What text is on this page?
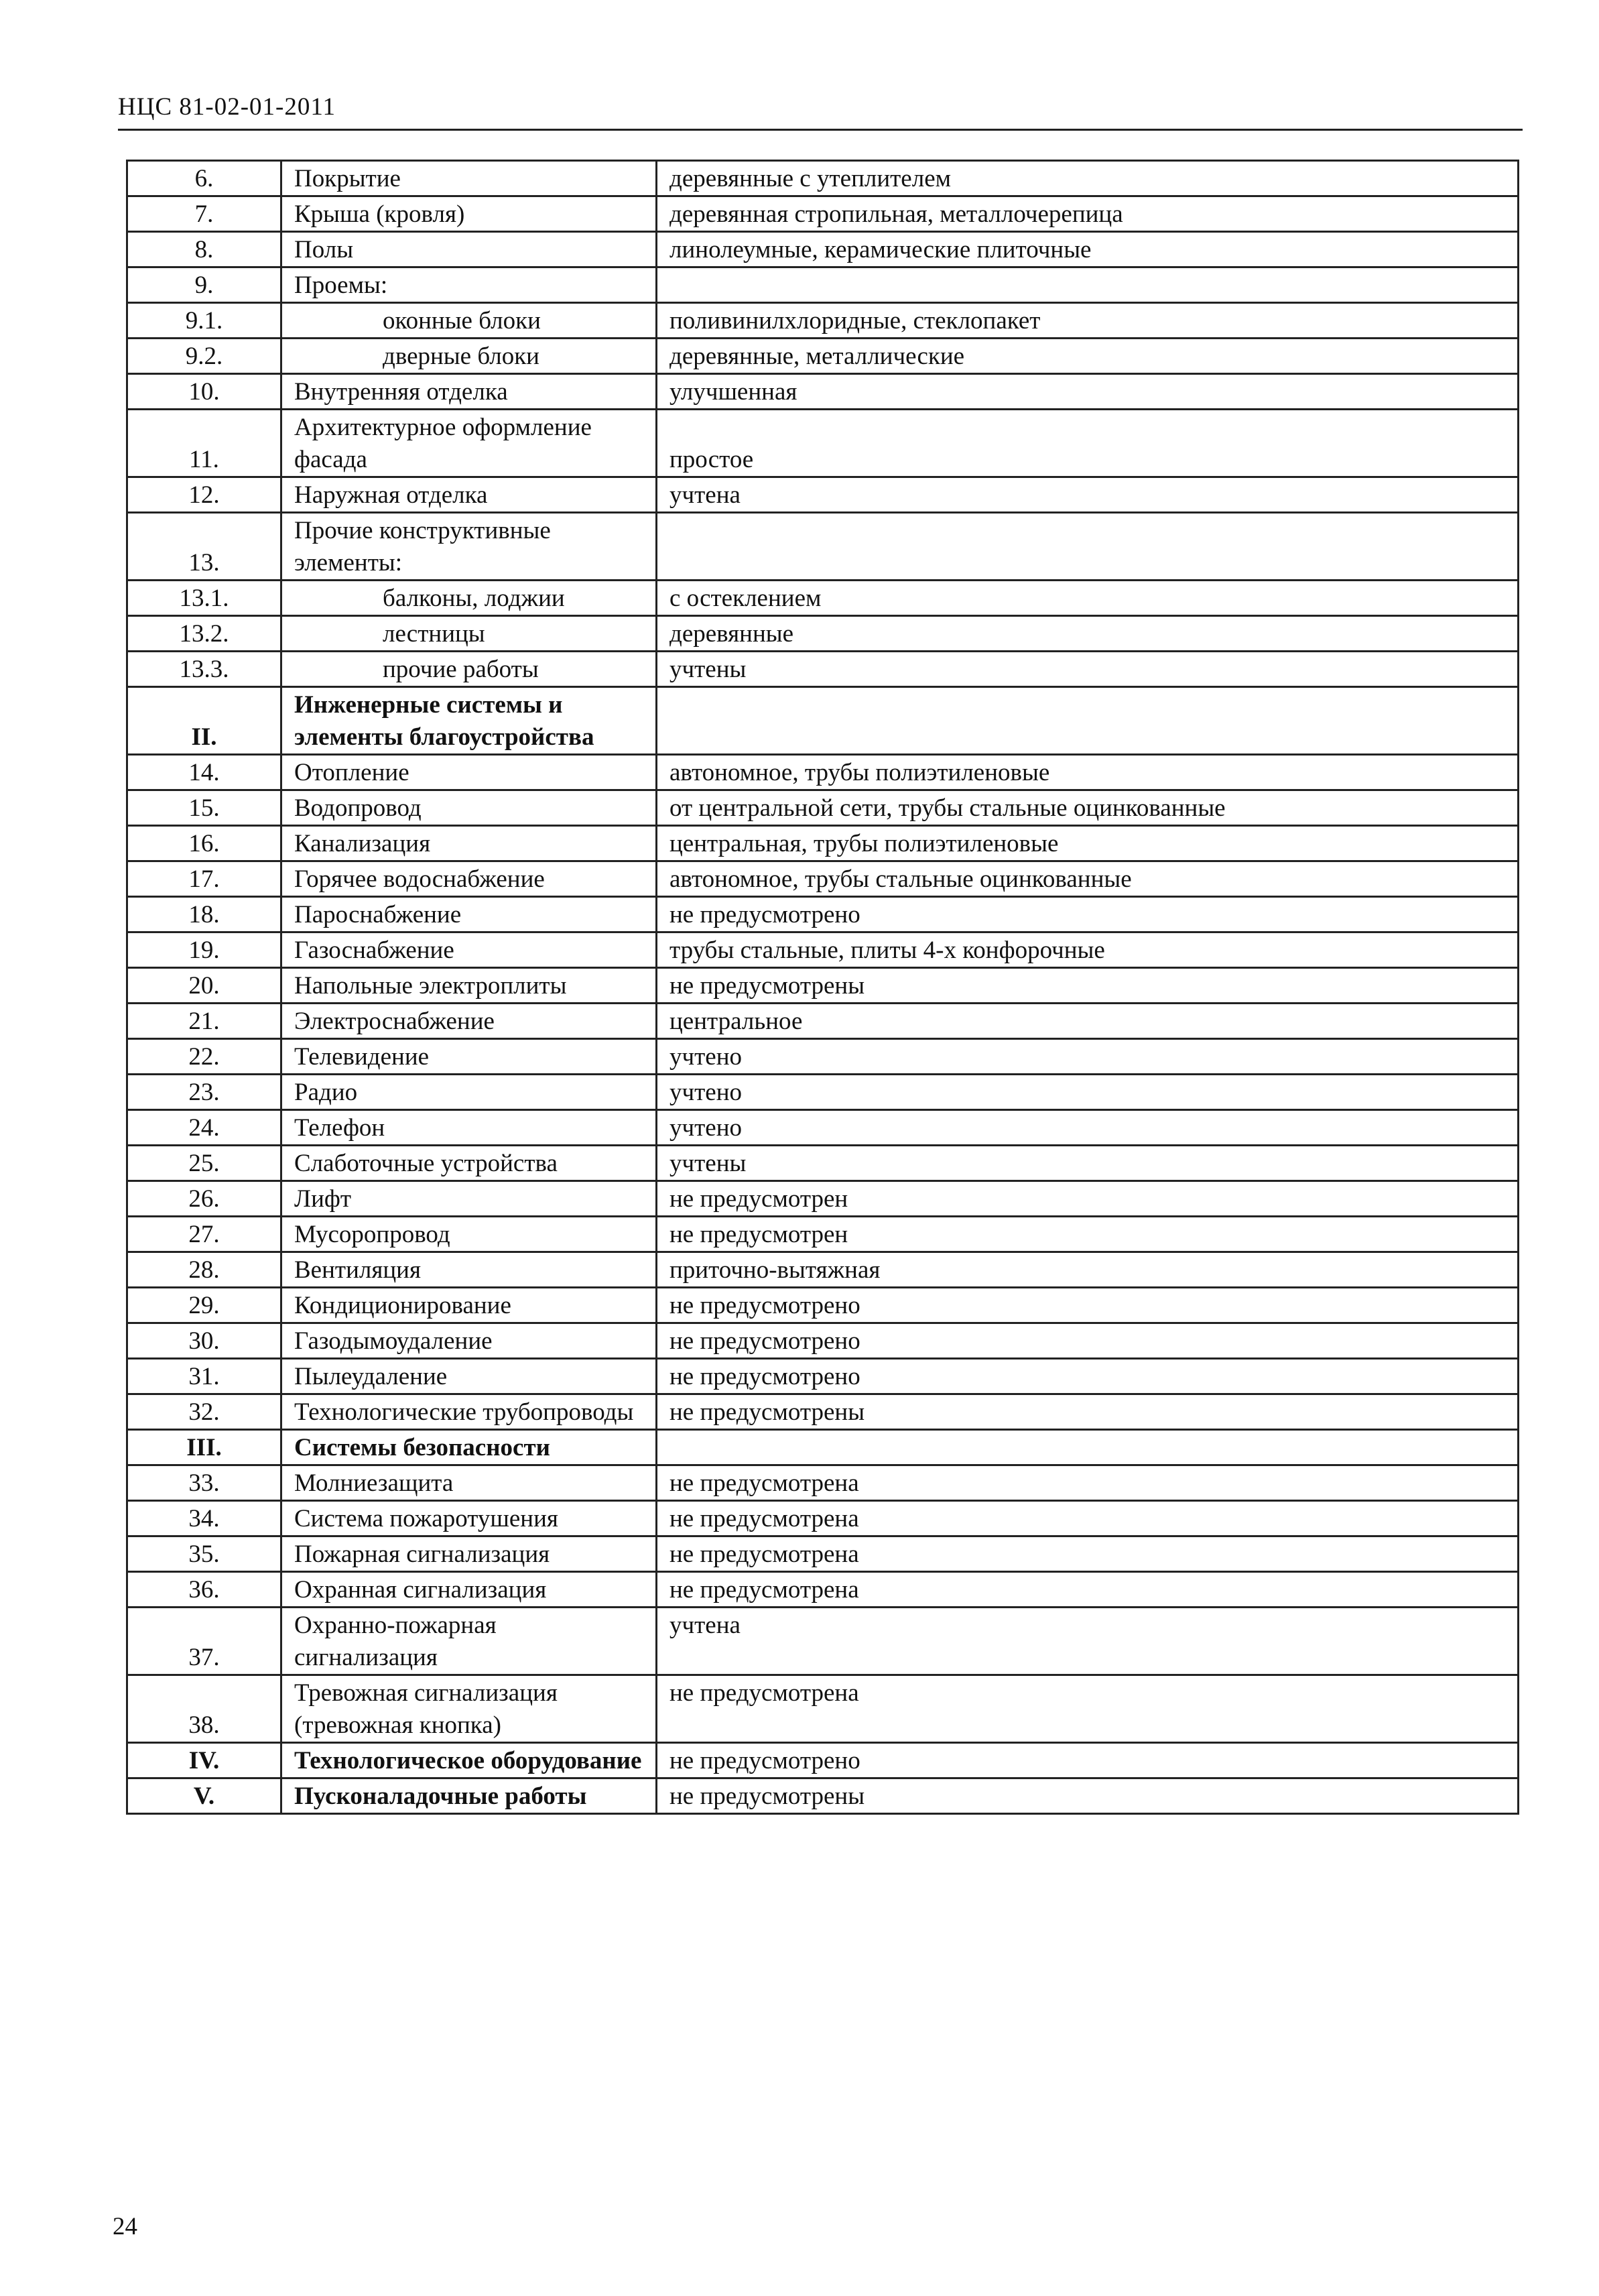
НЦС 81-02-01-2011
6.	Покрытие	деревянные с утеплителем

7.	Крыша (кровля)	деревянная стропильная, металлочерепица

8.	Полы	линолеумные, керамические плиточные

9.	Проемы:	

9.1.	оконные блоки	поливинилхлоридные, стеклопакет

9.2.	дверные блоки	деревянные, металлические

10.	Внутренняя отделка	улучшенная

11.	Архитектурное оформление фасада	простое

12.	Наружная отделка	учтена

13.	Прочие конструктивные элементы:	

13.1.	балконы, лоджии	с остеклением

13.2.	лестницы	деревянные

13.3.	прочие работы	учтены

II.	Инженерные системы и элементы благоустройства	

14.	Отопление	автономное, трубы полиэтиленовые

15.	Водопровод	от центральной сети, трубы стальные оцинкованные

16.	Канализация	центральная, трубы полиэтиленовые

17.	Горячее водоснабжение	автономное, трубы стальные оцинкованные

18.	Пароснабжение	не предусмотрено

19.	Газоснабжение	трубы стальные, плиты 4-х конфорочные

20.	Напольные электроплиты	не предусмотрены

21.	Электроснабжение	центральное

22.	Телевидение	учтено

23.	Радио	учтено

24.	Телефон	учтено

25.	Слаботочные устройства	учтены

26.	Лифт	не предусмотрен

27.	Мусоропровод	не предусмотрен

28.	Вентиляция	приточно-вытяжная

29.	Кондиционирование	не предусмотрено

30.	Газодымоудаление	не предусмотрено

31.	Пылеудаление	не предусмотрено

32.	Технологические трубопроводы	не предусмотрены

III.	Системы безопасности	

33.	Молниезащита	не предусмотрена

34.	Система пожаротушения	не предусмотрена

35.	Пожарная сигнализация	не предусмотрена

36.	Охранная сигнализация	не предусмотрена

37.	Охранно-пожарная сигнализация	учтена

38.	Тревожная сигнализация (тревожная кнопка)	не предусмотрена

IV.	Технологическое оборудование	не предусмотрено

V.	Пусконаладочные работы	не предусмотрены
24
